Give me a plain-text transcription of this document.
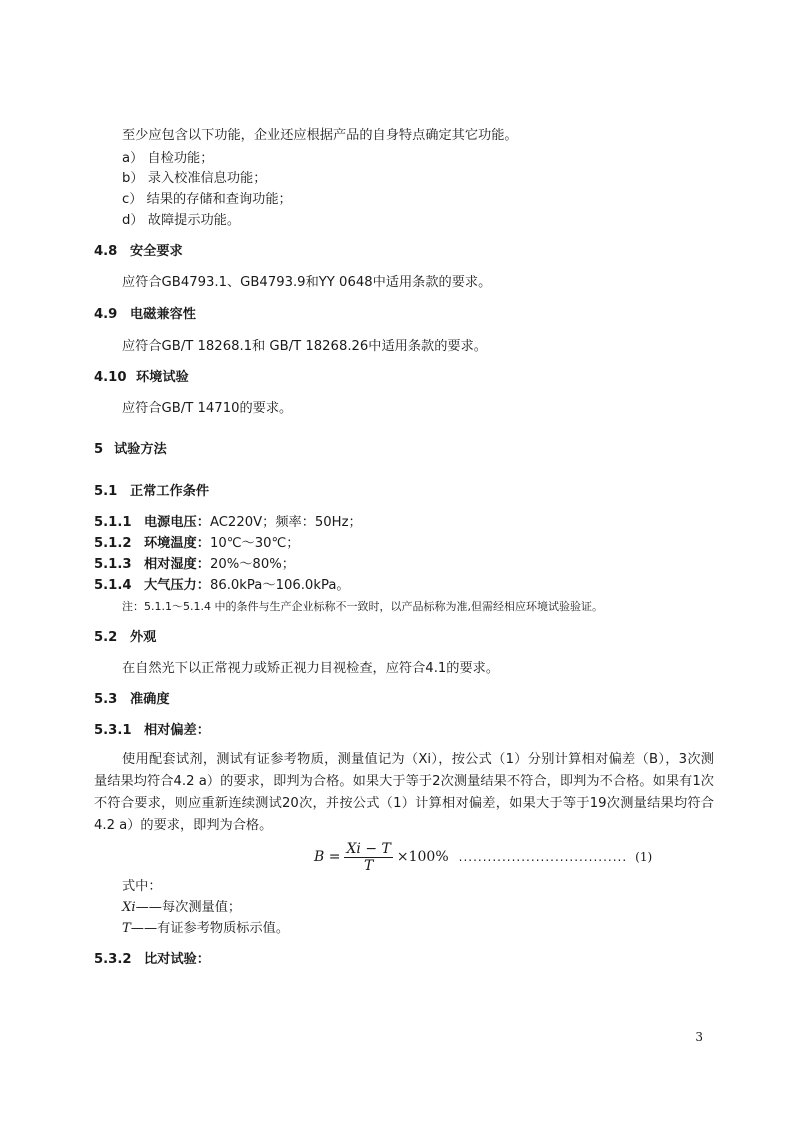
至少应包含以下功能，企业还应根据产品的自身特点确定其它功能。
a） 自检功能；
b） 录入校准信息功能；
c） 结果的存储和查询功能；
d） 故障提示功能。
4.8 安全要求
应符合GB4793.1、GB4793.9和YY 0648中适用条款的要求。
4.9 电磁兼容性
应符合GB/T 18268.1和 GB/T 18268.26中适用条款的要求。
4.10 环境试验
应符合GB/T 14710的要求。
5 试验方法
5.1 正常工作条件
5.1.1 电源电压：AC220V；频率：50Hz；
5.1.2 环境温度：10℃～30℃；
5.1.3 相对湿度：20%～80%；
5.1.4 大气压力：86.0kPa～106.0kPa。
注：5.1.1～5.1.4 中的条件与生产企业标称不一致时，以产品标称为准,但需经相应环境试验验证。
5.2 外观
在自然光下以正常视力或矫正视力目视检查，应符合4.1的要求。
5.3 准确度
5.3.1 相对偏差：
使用配套试剂，测试有证参考物质，测量值记为（Xi），按公式（1）分别计算相对偏差（B），3次测量结果均符合4.2 a）的要求，即判为合格。如果大于等于2次测量结果不符合，即判为不合格。如果有1次不符合要求，则应重新连续测试20次，并按公式（1）计算相对偏差，如果大于等于19次测量结果均符合4.2 a）的要求，即判为合格。
$B = \frac{Xi - T}{T} \times 100\%$ ................................... (1)
式中：
Xi——每次测量值；
T——有证参考物质标示值。
5.3.2 比对试验：
3
